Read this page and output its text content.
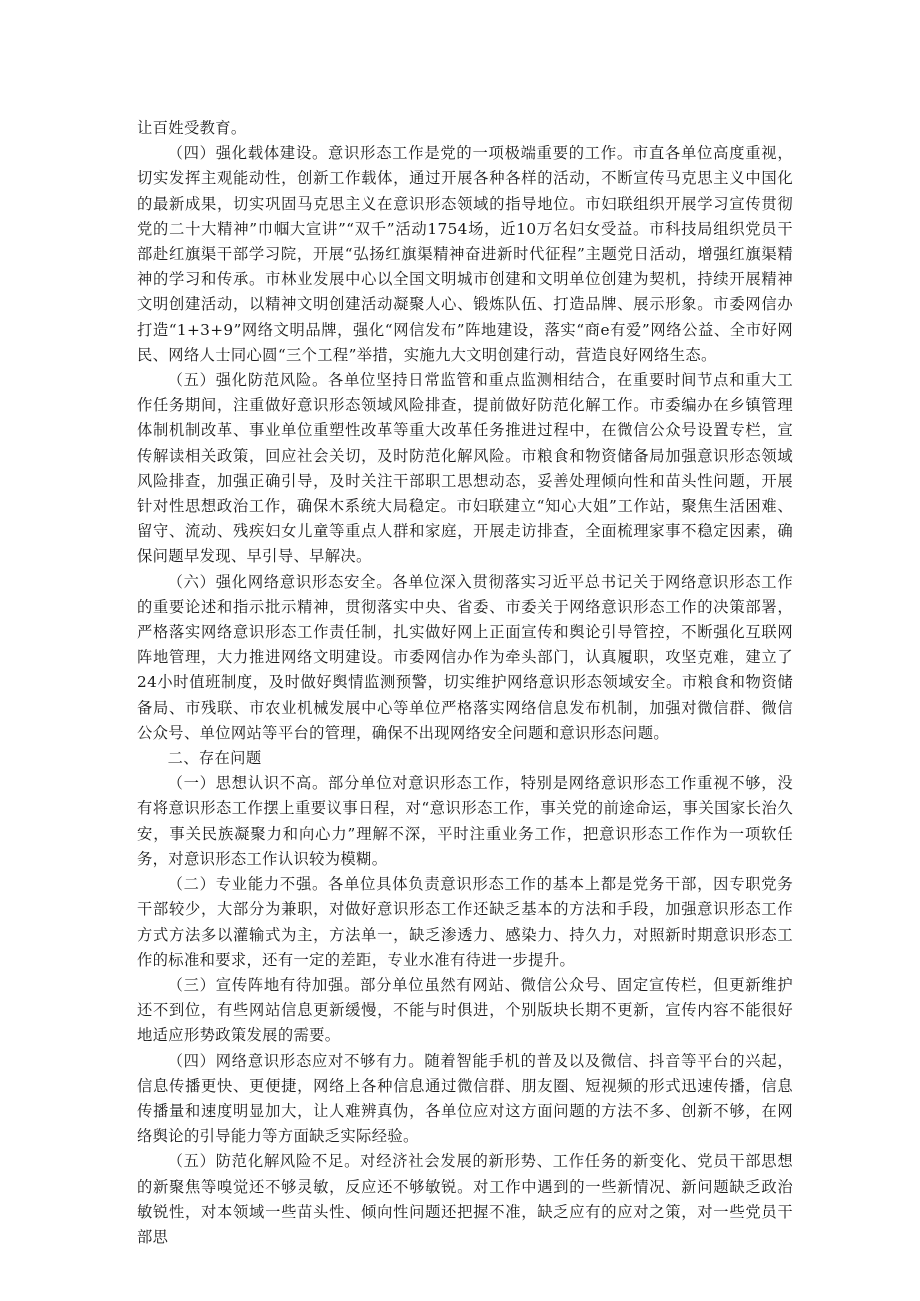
让百姓受教育。

（四）强化载体建设。意识形态工作是党的一项极端重要的工作。市直各单位高度重视，切实发挥主观能动性，创新工作载体，通过开展各种各样的活动，不断宣传马克思主义中国化的最新成果，切实巩固马克思主义在意识形态领域的指导地位。市妇联组织开展学习宣传贯彻党的二十大精神”巾帼大宣讲”“双千”活动1754场，近10万名妇女受益。市科技局组织党员干部赴红旗渠干部学习院，开展“弘扬红旗渠精神奋进新时代征程”主题党日活动，增强红旗渠精神的学习和传承。市林业发展中心以全国文明城市创建和文明单位创建为契机，持续开展精神文明创建活动，以精神文明创建活动凝聚人心、锻炼队伍、打造品牌、展示形象。市委网信办打造“1+3+9”网络文明品牌，强化“网信发布”阵地建设，落实“商e有爱”网络公益、全市好网民、网络人士同心圆“三个工程”举措，实施九大文明创建行动，营造良好网络生态。

（五）强化防范风险。各单位坚持日常监管和重点监测相结合，在重要时间节点和重大工作任务期间，注重做好意识形态领域风险排查，提前做好防范化解工作。市委编办在乡镇管理体制机制改革、事业单位重塑性改革等重大改革任务推进过程中，在微信公众号设置专栏，宣传解读相关政策，回应社会关切，及时防范化解风险。市粮食和物资储备局加强意识形态领域风险排查，加强正确引导，及时关注干部职工思想动态，妥善处理倾向性和苗头性问题，开展针对性思想政治工作，确保木系统大局稳定。市妇联建立“知心大姐”工作站，聚焦生活困难、留守、流动、残疾妇女儿童等重点人群和家庭，开展走访排查，全面梳理家事不稳定因素，确保问题早发现、早引导、早解决。

（六）强化网络意识形态安全。各单位深入贯彻落实习近平总书记关于网络意识形态工作的重要论述和指示批示精神，贯彻落实中央、省委、市委关于网络意识形态工作的决策部署，严格落实网络意识形态工作责任制，扎实做好网上正面宣传和舆论引导管控，不断强化互联网阵地管理，大力推进网络文明建设。市委网信办作为牵头部门，认真履职，攻坚克难，建立了24小时值班制度，及时做好舆情监测预警，切实维护网络意识形态领域安全。市粮食和物资储备局、市残联、市农业机械发展中心等单位严格落实网络信息发布机制，加强对微信群、微信公众号、单位网站等平台的管理，确保不出现网络安全问题和意识形态问题。

二、存在问题

（一）思想认识不高。部分单位对意识形态工作，特别是网络意识形态工作重视不够，没有将意识形态工作摆上重要议事日程，对“意识形态工作，事关党的前途命运，事关国家长治久安，事关民族凝聚力和向心力”理解不深，平时注重业务工作，把意识形态工作作为一项软任务，对意识形态工作认识较为模糊。

（二）专业能力不强。各单位具体负责意识形态工作的基本上都是党务干部，因专职党务干部较少，大部分为兼职，对做好意识形态工作还缺乏基本的方法和手段，加强意识形态工作方式方法多以灌输式为主，方法单一，缺乏渗透力、感染力、持久力，对照新时期意识形态工作的标准和要求，还有一定的差距，专业水准有待进一步提升。

（三）宣传阵地有待加强。部分单位虽然有网站、微信公众号、固定宣传栏，但更新维护还不到位，有些网站信息更新缓慢，不能与时俱进，个别版块长期不更新，宣传内容不能很好地适应形势政策发展的需要。

（四）网络意识形态应对不够有力。随着智能手机的普及以及微信、抖音等平台的兴起，信息传播更快、更便捷，网络上各种信息通过微信群、朋友圈、短视频的形式迅速传播，信息传播量和速度明显加大，让人难辨真伪，各单位应对这方面问题的方法不多、创新不够，在网络舆论的引导能力等方面缺乏实际经验。

（五）防范化解风险不足。对经济社会发展的新形势、工作任务的新变化、党员干部思想的新聚焦等嗅觉还不够灵敏，反应还不够敏锐。对工作中遇到的一些新情况、新问题缺乏政治敏锐性，对本领域一些苗头性、倾向性问题还把握不准，缺乏应有的应对之策，对一些党员干部思
